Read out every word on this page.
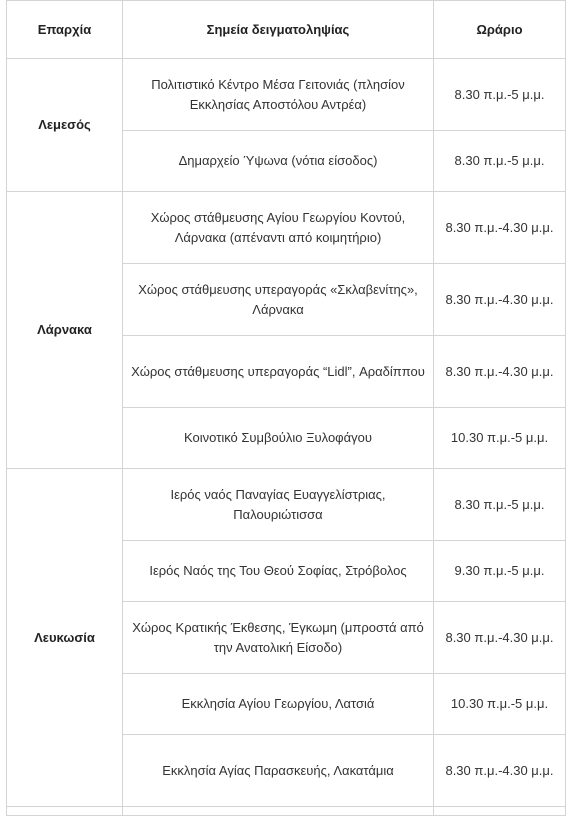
Επαρχία	Σημεία δειγματοληψίας	Ωράριο
Λεμεσός	Πολιτιστικό Κέντρο Μέσα Γειτονιάς (πλησίον Εκκλησίας Αποστόλου Αντρέα)	8.30 π.μ.-5 μ.μ.
	Δημαρχείο Ύψωνα (νότια είσοδος)	8.30 π.μ.-5 μ.μ.
Λάρνακα	Χώρος στάθμευσης Αγίου Γεωργίου Κοντού, Λάρνακα (απέναντι από κοιμητήριο)	8.30 π.μ.-4.30 μ.μ.
	Χώρος στάθμευσης υπεραγοράς «Σκλαβενίτης», Λάρνακα	8.30 π.μ.-4.30 μ.μ.
	Χώρος στάθμευσης υπεραγοράς “Lidl”, Αραδίππου	8.30 π.μ.-4.30 μ.μ.
	Κοινοτικό Συμβούλιο Ξυλοφάγου	10.30 π.μ.-5 μ.μ.
Λευκωσία	Ιερός ναός Παναγίας Ευαγγελίστριας, Παλουριώτισσα	8.30 π.μ.-5 μ.μ.
	Ιερός Ναός της Του Θεού Σοφίας, Στρόβολος	9.30 π.μ.-5 μ.μ.
	Χώρος Κρατικής Έκθεσης, Έγκωμη (μπροστά από την Ανατολική Είσοδο)	8.30 π.μ.-4.30 μ.μ.
	Εκκλησία Αγίου Γεωργίου, Λατσιά	10.30 π.μ.-5 μ.μ.
	Εκκλησία Αγίας Παρασκευής, Λακατάμια	8.30 π.μ.-4.30 μ.μ.
